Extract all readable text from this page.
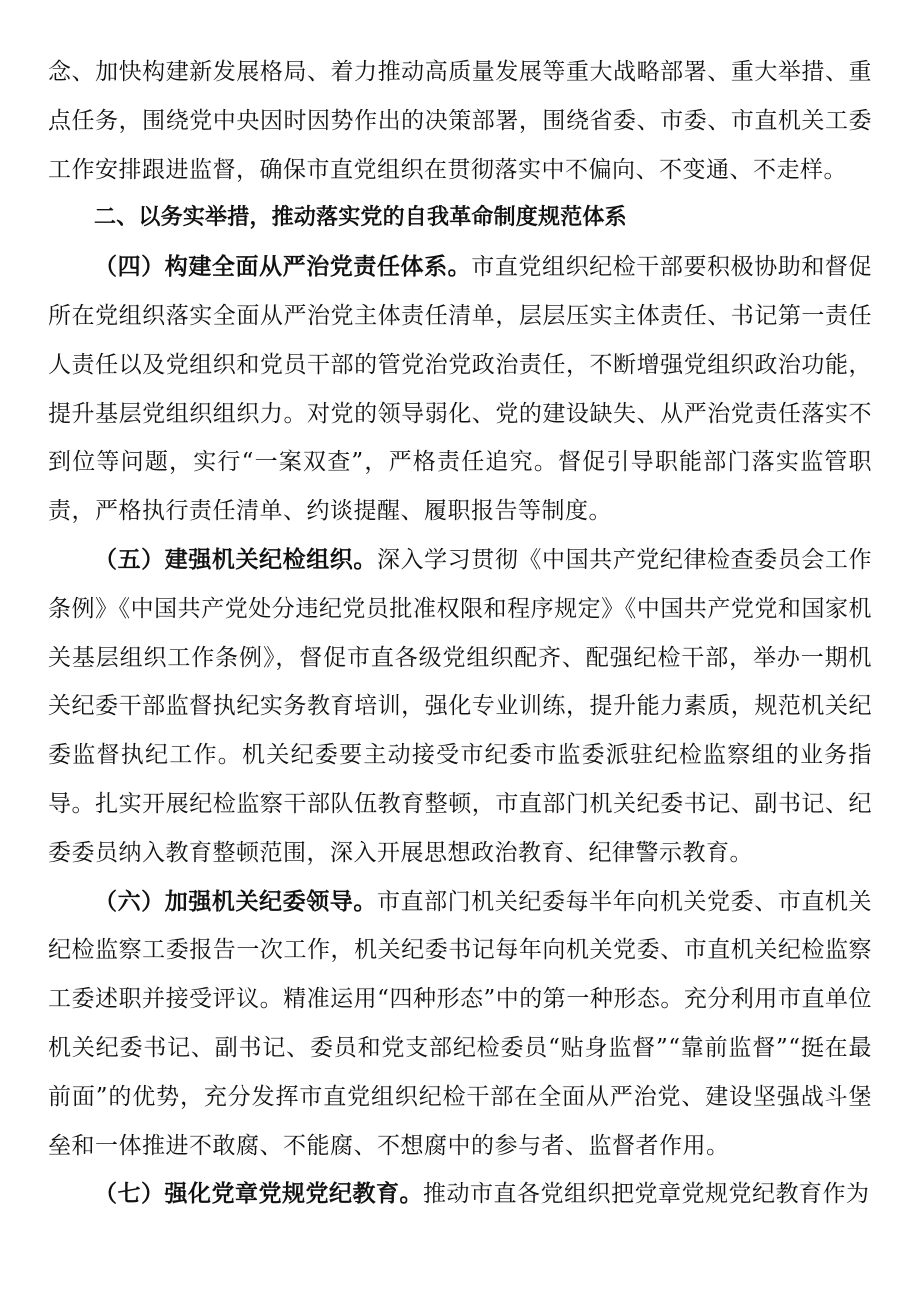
念、加快构建新发展格局、着力推动高质量发展等重大战略部署、重大举措、重点任务，围绕党中央因时因势作出的决策部署，围绕省委、市委、市直机关工委工作安排跟进监督，确保市直党组织在贯彻落实中不偏向、不变通、不走样。

二、以务实举措，推动落实党的自我革命制度规范体系

（四）构建全面从严治党责任体系。市直党组织纪检干部要积极协助和督促所在党组织落实全面从严治党主体责任清单，层层压实主体责任、书记第一责任人责任以及党组织和党员干部的管党治党政治责任，不断增强党组织政治功能，提升基层党组织组织力。对党的领导弱化、党的建设缺失、从严治党责任落实不到位等问题，实行“一案双查”，严格责任追究。督促引导职能部门落实监管职责，严格执行责任清单、约谈提醒、履职报告等制度。

（五）建强机关纪检组织。深入学习贯彻《中国共产党纪律检查委员会工作条例》《中国共产党处分违纪党员批准权限和程序规定》《中国共产党党和国家机关基层组织工作条例》，督促市直各级党组织配齐、配强纪检干部，举办一期机关纪委干部监督执纪实务教育培训，强化专业训练，提升能力素质，规范机关纪委监督执纪工作。机关纪委要主动接受市纪委市监委派驻纪检监察组的业务指导。扎实开展纪检监察干部队伍教育整顿，市直部门机关纪委书记、副书记、纪委委员纳入教育整顿范围，深入开展思想政治教育、纪律警示教育。

（六）加强机关纪委领导。市直部门机关纪委每半年向机关党委、市直机关纪检监察工委报告一次工作，机关纪委书记每年向机关党委、市直机关纪检监察工委述职并接受评议。精准运用“四种形态”中的第一种形态。充分利用市直单位机关纪委书记、副书记、委员和党支部纪检委员“贴身监督”“靠前监督”“挺在最前面”的优势，充分发挥市直党组织纪检干部在全面从严治党、建设坚强战斗堡垒和一体推进不敢腐、不能腐、不想腐中的参与者、监督者作用。

（七）强化党章党规党纪教育。推动市直各党组织把党章党规党纪教育作为
